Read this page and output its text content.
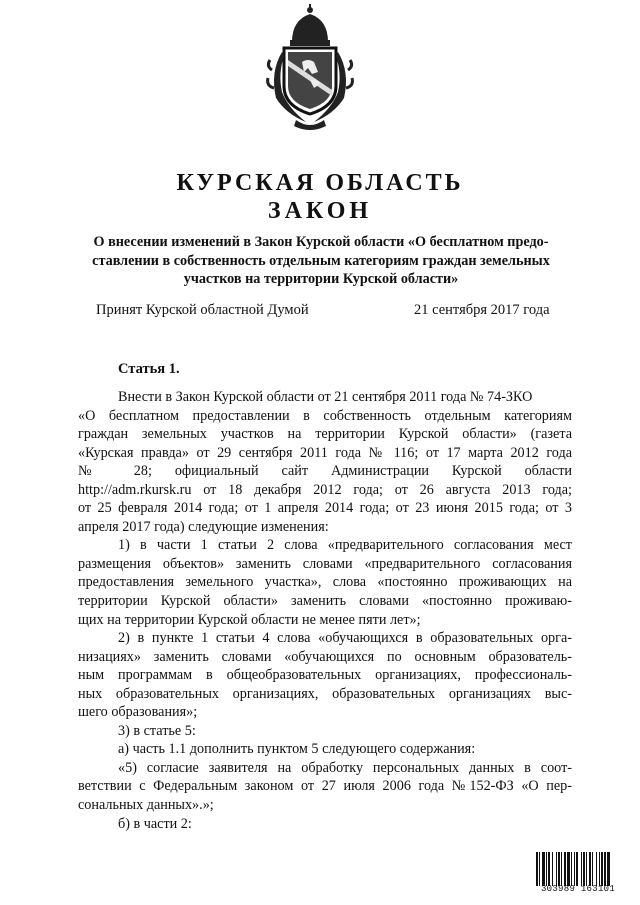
КУРСКАЯ ОБЛАСТЬ
ЗАКОН
О внесении изменений в Закон Курской области «О бесплатном предо-
ставлении в собственность отдельным категориям граждан земельных
участков на территории Курской области»
Принят Курской областной Думой	21 сентября 2017 года
Статья 1.
Внести в Закон Курской области от 21 сентября 2011 года № 74-ЗКО
«О бесплатном предоставлении в собственность отдельным категориям
граждан земельных участков на территории Курской области» (газета
«Курская правда» от 29 сентября 2011 года № 116; от 17 марта 2012 года
№ 28; официальный сайт Администрации Курской области
http://adm.rkursk.ru от 18 декабря 2012 года; от 26 августа 2013 года;
от 25 февраля 2014 года; от 1 апреля 2014 года; от 23 июня 2015 года; от 3
апреля 2017 года) следующие изменения:
1) в части 1 статьи 2 слова «предварительного согласования мест
размещения объектов» заменить словами «предварительного согласования
предоставления земельного участка», слова «постоянно проживающих на
территории Курской области» заменить словами «постоянно проживаю-
щих на территории Курской области не менее пяти лет»;
2) в пункте 1 статьи 4 слова «обучающихся в образовательных орга-
низациях» заменить словами «обучающихся по основным образователь-
ным программам в общеобразовательных организациях, профессиональ-
ных образовательных организациях, образовательных организациях выс-
шего образования»;
3) в статье 5:
а) часть 1.1 дополнить пунктом 5 следующего содержания:
«5) согласие заявителя на обработку персональных данных в соот-
ветствии с Федеральным законом от 27 июля 2006 года №152-ФЗ «О пер-
сональных данных».»;
б) в части 2:
303989 163101
